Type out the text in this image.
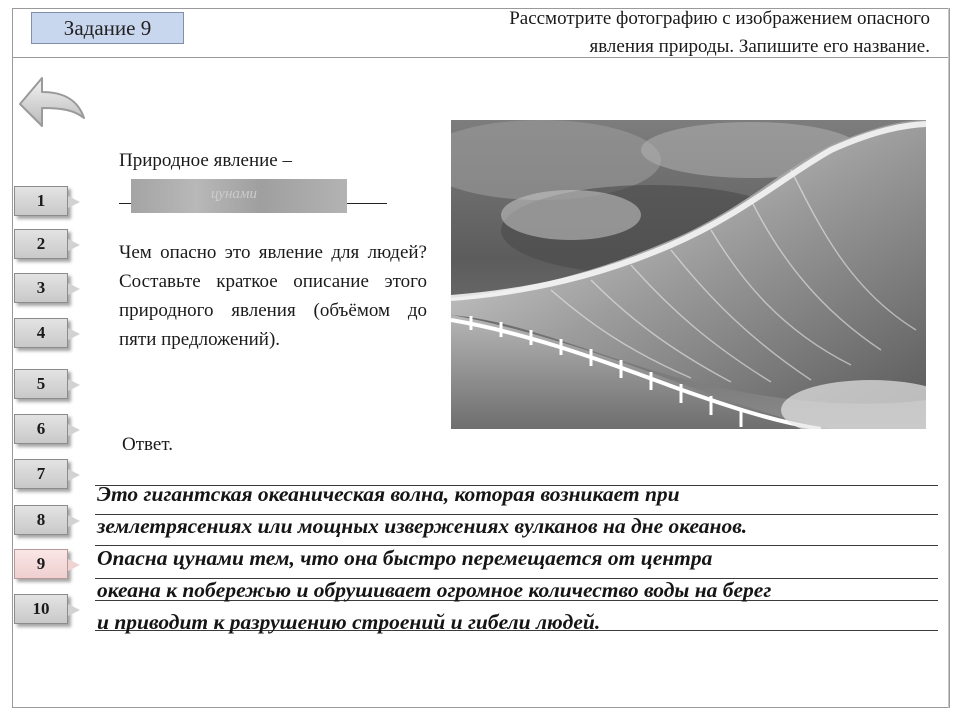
Задание 9	Рассмотрите фотографию с изображением опасного
явления природы. Запишите его название.
1
2
3
4
5
6
7
8
9
10
Природное явление –
цунами
Чем опасно это явление для людей? Составьте краткое описание этого природного явления (объёмом до пяти предложений).
Ответ.
Это гигантская океаническая волна, которая возникает при
землетрясениях или мощных извержениях вулканов на дне океанов.
Опасна цунами тем, что она быстро перемещается от центра
океана к побережью и обрушивает огромное количество воды на берег
и приводит к разрушению строений и гибели людей.
